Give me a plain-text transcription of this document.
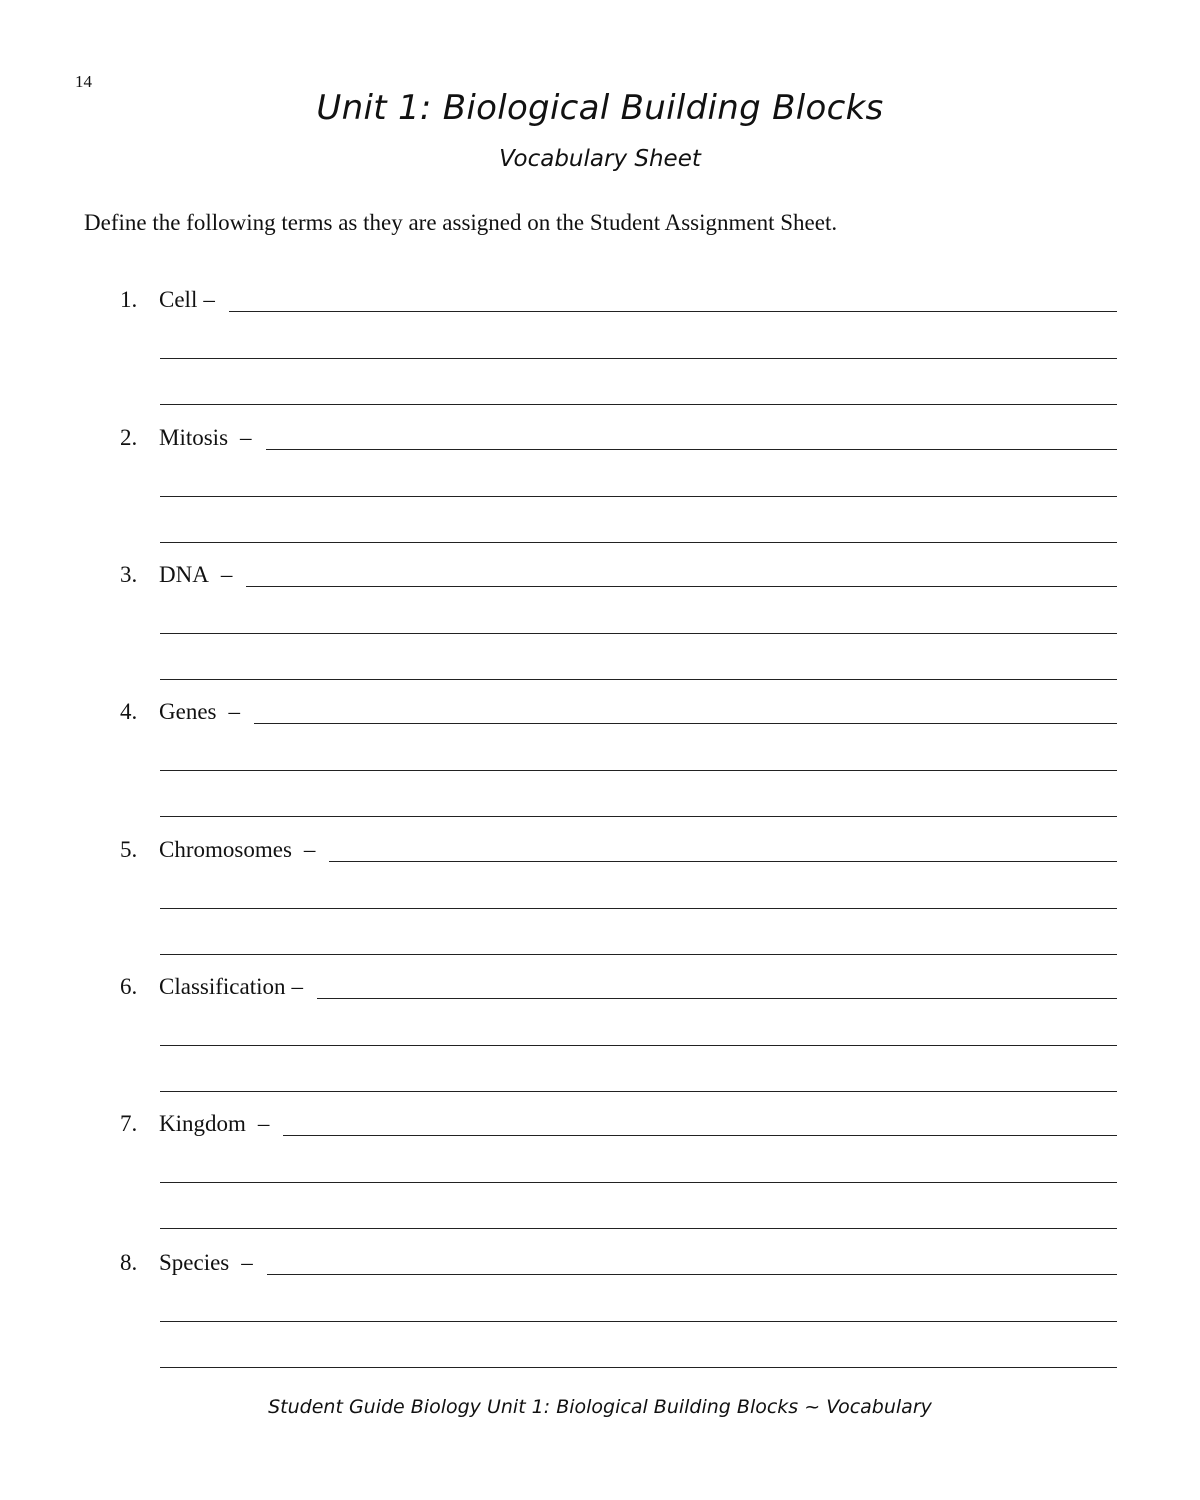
14
Unit 1: Biological Building Blocks
Vocabulary Sheet
Define the following terms as they are assigned on the Student Assignment Sheet.
1. Cell –
2. Mitosis –
3. DNA –
4. Genes –
5. Chromosomes –
6. Classification –
7. Kingdom –
8. Species –
Student Guide Biology Unit 1: Biological Building Blocks ~ Vocabulary
